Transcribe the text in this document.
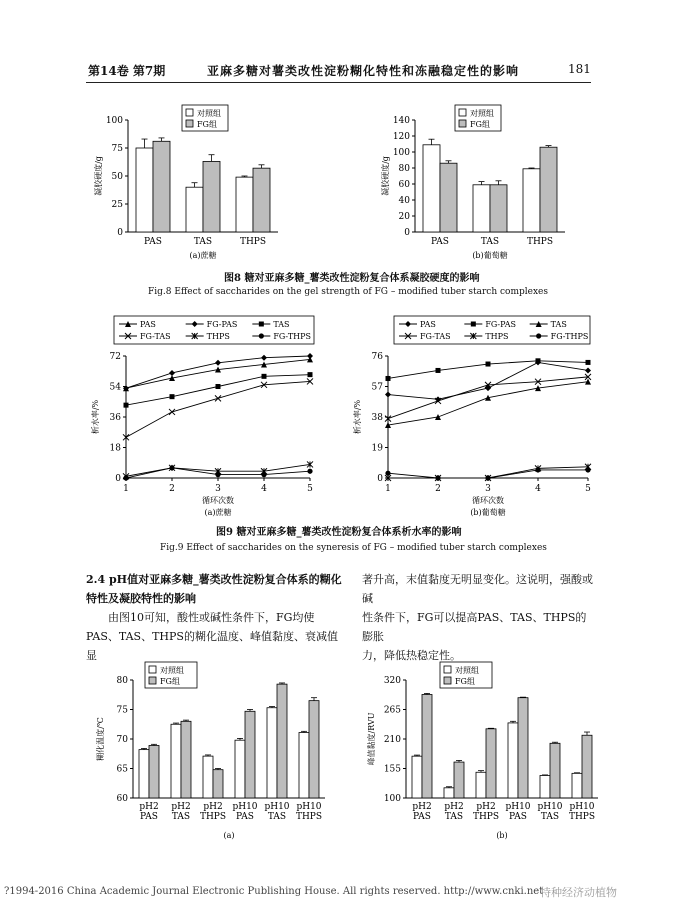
第14卷 第7期	亚麻多糖对薯类改性淀粉糊化特性和冻融稳定性的影响	181
0
25
50
75
100
凝胶硬度/g
PAS	TAS	THPS
对照组
FG组
(a)蔗糖
0
20
40
60
80
100
120
140
凝胶硬度/g
PAS	TAS	THPS
对照组
FG组
(b)葡萄糖
图8 糖对亚麻多糖_薯类改性淀粉复合体系凝胶硬度的影响
Fig.8 Effect of saccharides on the gel strength of FG – modified tuber starch complexes
0
18
36
54
72
1	2	3	4	5
循环次数
析水率/%
PAS	FG-PAS	TAS
FG-TAS	THPS	FG-THPS
(a)蔗糖
0
19
38
57
76
1	2	3	4	5
循环次数
析水率/%
PAS	FG-PAS	TAS
FG-TAS	THPS	FG-THPS
(b)葡萄糖
图9 糖对亚麻多糖_薯类改性淀粉复合体系析水率的影响
Fig.9 Effect of saccharides on the syneresis of FG – modified tuber starch complexes

2.4 pH值对亚麻多糖_薯类改性淀粉复合体系的糊化特性及凝胶特性的影响

由图10可知，酸性或碱性条件下，FG均使

PAS、TAS、THPS的糊化温度、峰值黏度、衰减值显

著升高，末值黏度无明显变化。这说明，强酸或碱

性条件下，FG可以提高PAS、TAS、THPS的膨胀

力，降低热稳定性。

60
65
70
75
80
糊化温度/℃
pH2
PAS
pH2
TAS
pH2
THPS
pH10
PAS
pH10
TAS
pH10
THPS
对照组
FG组
(a)
100
155
210
265
320
峰值黏度/RVU
pH2
PAS
pH2
TAS
pH2
THPS
pH10
PAS
pH10
TAS
pH10
THPS
对照组
FG组
(b)
?1994-2016 China Academic Journal Electronic Publishing House. All rights reserved. http://www.cnki.net
特种经济动植物
